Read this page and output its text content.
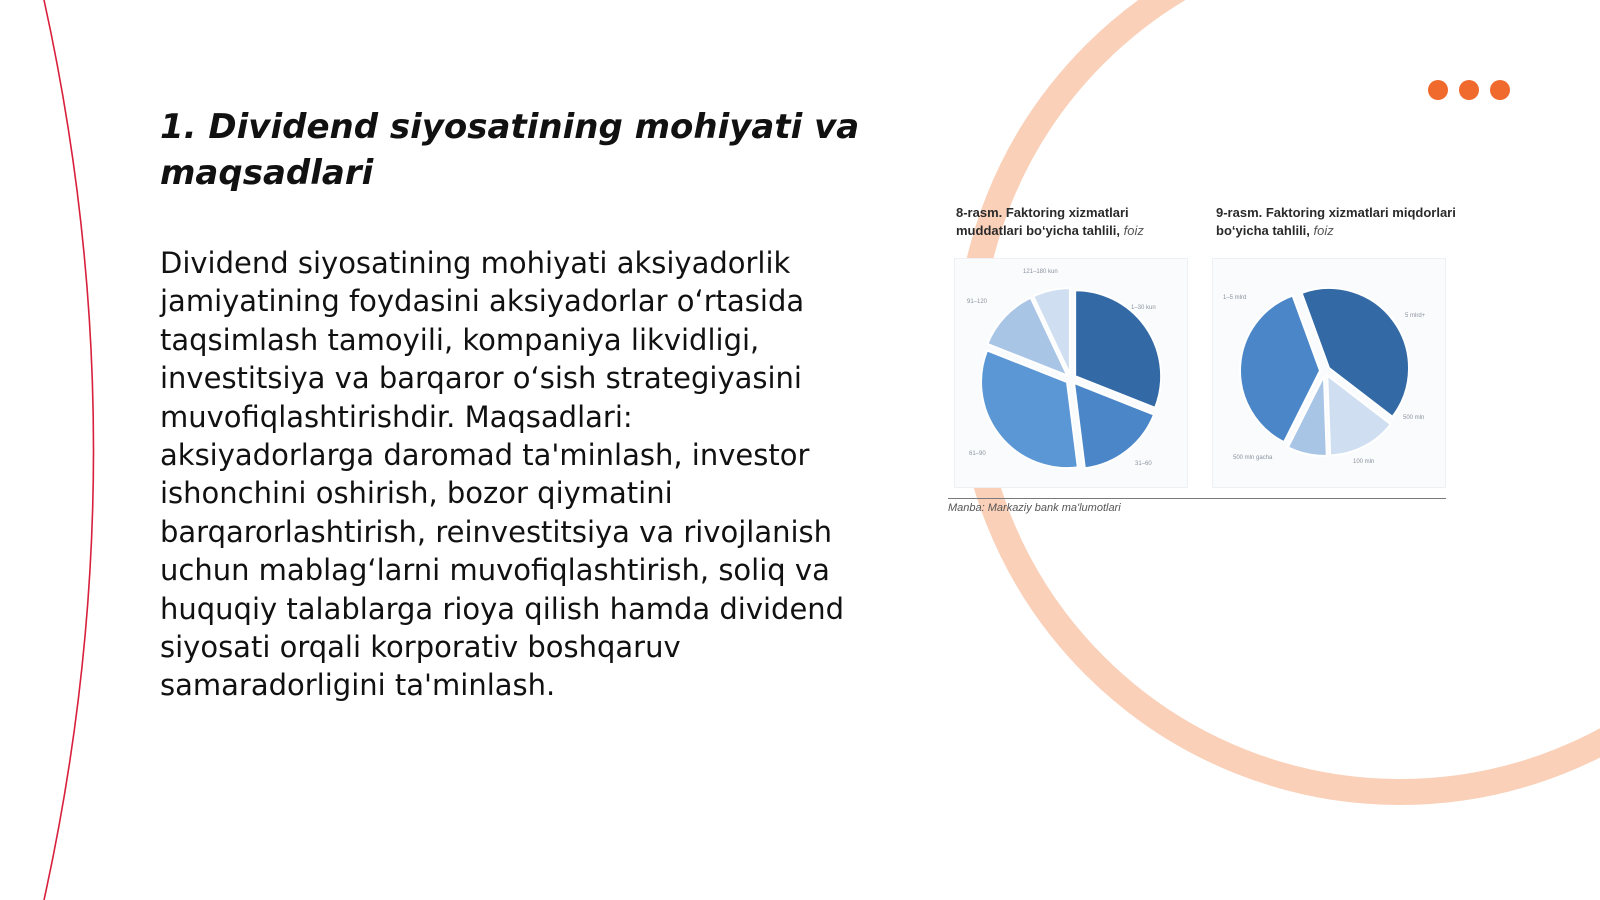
1. Dividend siyosatining mohiyati va maqsadlari

Dividend siyosatining mohiyati aksiyadorlik jamiyatining foydasini aksiyadorlar o‘rtasida taqsimlash tamoyili, kompaniya likvidligi, investitsiya va barqaror o‘sish strategiyasini muvofiqlashtirishdir. Maqsadlari: aksiyadorlarga daromad ta'minlash, investor ishonchini oshirish, bozor qiymatini barqarorlashtirish, reinvestitsiya va rivojlanish uchun mablag‘larni muvofiqlashtirish, soliq va huquqiy talablarga rioya qilish hamda dividend siyosati orqali korporativ boshqaruv samaradorligini ta'minlash.

8-rasm. Faktoring xizmatlari muddatlari bo‘yicha tahlili, foiz
9-rasm. Faktoring xizmatlari miqdorlari bo‘yicha tahlili, foiz
121–180 kun
1–30 kun
91–120
61–90
31–60
1–5 mlrd
5 mlrd+
500 mln
500 mln gacha
100 mln
Manba: Markaziy bank ma'lumotlari
